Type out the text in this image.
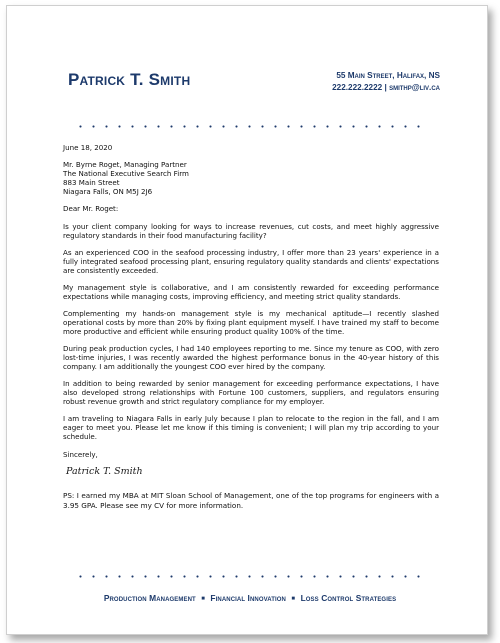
Patrick T. Smith	55 Main Street, Halifax, NS
222.222.2222 | smithp@liv.ca

June 18, 2020

Mr. Byrne Roget, Managing Partner

The National Executive Search Firm

883 Main Street

Niagara Falls, ON M5J 2J6

Dear Mr. Roget:

Is your client company looking for ways to increase revenues, cut costs, and meet highly aggressive regulatory standards in their food manufacturing facility?

As an experienced COO in the seafood processing industry, I offer more than 23 years' experience in a fully integrated seafood processing plant, ensuring regulatory quality standards and clients' expectations are consistently exceeded.

My management style is collaborative, and I am consistently rewarded for exceeding performance expectations while managing costs, improving efficiency, and meeting strict quality standards.

Complementing my hands-on management style is my mechanical aptitude—I recently slashed operational costs by more than 20% by fixing plant equipment myself. I have trained my staff to become more productive and efficient while ensuring product quality 100% of the time.

During peak production cycles, I had 140 employees reporting to me. Since my tenure as COO, with zero lost-time injuries, I was recently awarded the highest performance bonus in the 40-year history of this company. I am additionally the youngest COO ever hired by the company.

In addition to being rewarded by senior management for exceeding performance expectations, I have also developed strong relationships with Fortune 100 customers, suppliers, and regulators ensuring robust revenue growth and strict regulatory compliance for my employer.

I am traveling to Niagara Falls in early July because I plan to relocate to the region in the fall, and I am eager to meet you. Please let me know if this timing is convenient; I will plan my trip according to your schedule.

Sincerely,

Patrick T. Smith

PS: I earned my MBA at MIT Sloan School of Management, one of the top programs for engineers with a 3.95 GPA. Please see my CV for more information.

Production Management ■ Financial Innovation ■ Loss Control Strategies
